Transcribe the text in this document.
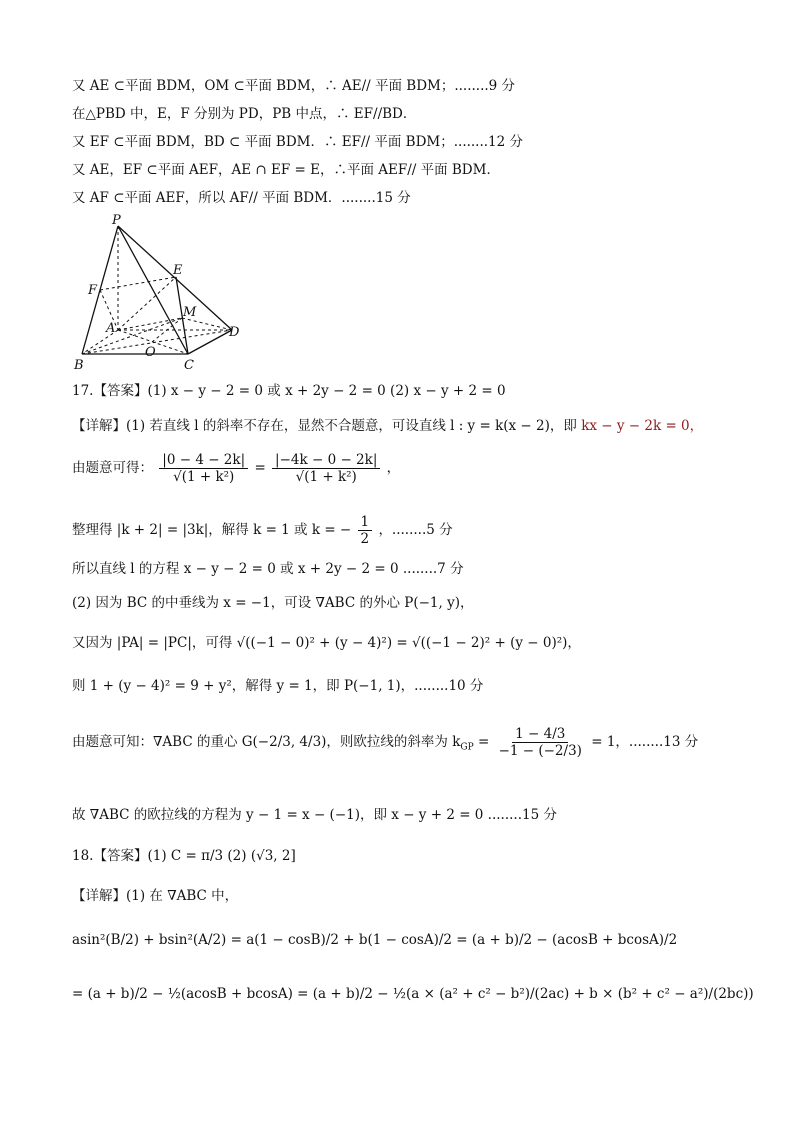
又 AE ⊂平面 BDM，OM ⊂平面 BDM，∴ AE// 平面 BDM；........9 分
在△PBD 中，E，F 分别为 PD，PB 中点，∴ EF//BD．
又 EF ⊂平面 BDM，BD ⊂ 平面 BDM．∴ EF// 平面 BDM；........12 分
又 AE，EF ⊂平面 AEF，AE ∩ EF = E，∴平面 AEF// 平面 BDM．
又 AF ⊂平面 AEF，所以 AF// 平面 BDM．........15 分
P
E
F
M
A	D
O
B	C
17.【答案】(1) x − y − 2 = 0 或 x + 2y − 2 = 0 (2) x − y + 2 = 0
【详解】(1) 若直线 l 的斜率不存在，显然不合题意，可设直线 l : y = k(x − 2)，即 kx − y − 2k = 0，
由题意可得： $\frac{|0 - 4 - 2k|}{\text{√(1 + k²)}} = \frac{|-4k - 0 - 2k|}{\text{√(1 + k²)}}$ ，
整理得 |k + 2| = |3k|，解得 k = 1 或 k = − $\frac{1}{2}$ ，........5 分
所以直线 l 的方程 x − y − 2 = 0 或 x + 2y − 2 = 0 ........7 分
(2) 因为 BC 的中垂线为 x = −1，可设 ∇ABC 的外心 P(−1, y)，
又因为 |PA| = |PC|，可得 √((−1 − 0)² + (y − 4)²) = √((−1 − 2)² + (y − 0)²)，
则 1 + (y − 4)² = 9 + y²，解得 y = 1，即 P(−1, 1)，........10 分
由题意可知：∇ABC 的重心 G(−2/3, 4/3)，则欧拉线的斜率为 $k_{GP} = \frac{1 - 4/3}{-1 - (-2/3)} = 1$，........13 分
故 ∇ABC 的欧拉线的方程为 y − 1 = x − (−1)，即 x − y + 2 = 0 ........15 分
18.【答案】(1) C = π/3 (2) (√3, 2]
【详解】(1) 在 ∇ABC 中，
asin²(B/2) + bsin²(A/2) = a(1 − cosB)/2 + b(1 − cosA)/2 = (a + b)/2 − (acosB + bcosA)/2
= (a + b)/2 − ½(acosB + bcosA) = (a + b)/2 − ½(a × (a² + c² − b²)/(2ac) + b × (b² + c² − a²)/(2bc))
